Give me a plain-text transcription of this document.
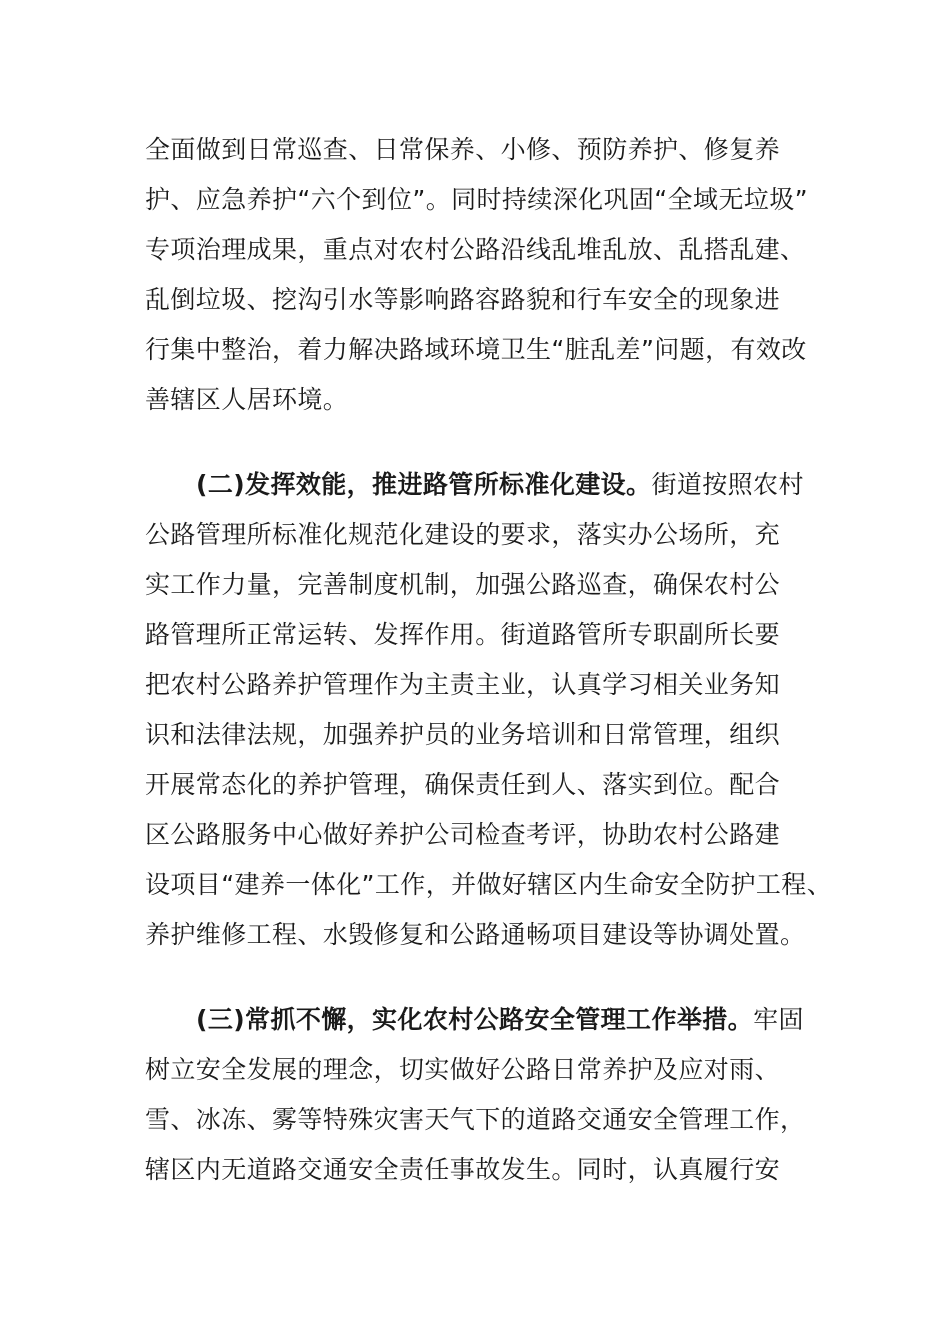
全面做到日常巡查、日常保养、小修、预防养护、修复养
护、应急养护“六个到位”。同时持续深化巩固“全域无垃圾”
专项治理成果，重点对农村公路沿线乱堆乱放、乱搭乱建、
乱倒垃圾、挖沟引水等影响路容路貌和行车安全的现象进
行集中整治，着力解决路域环境卫生“脏乱差”问题，有效改
善辖区人居环境。
(二)发挥效能，推进路管所标准化建设。街道按照农村
公路管理所标准化规范化建设的要求，落实办公场所，充
实工作力量，完善制度机制，加强公路巡查，确保农村公
路管理所正常运转、发挥作用。街道路管所专职副所长要
把农村公路养护管理作为主责主业，认真学习相关业务知
识和法律法规，加强养护员的业务培训和日常管理，组织
开展常态化的养护管理，确保责任到人、落实到位。配合
区公路服务中心做好养护公司检查考评，协助农村公路建
设项目“建养一体化”工作，并做好辖区内生命安全防护工程、
养护维修工程、水毁修复和公路通畅项目建设等协调处置。
(三)常抓不懈，实化农村公路安全管理工作举措。牢固
树立安全发展的理念，切实做好公路日常养护及应对雨、
雪、冰冻、雾等特殊灾害天气下的道路交通安全管理工作，
辖区内无道路交通安全责任事故发生。同时，认真履行安
